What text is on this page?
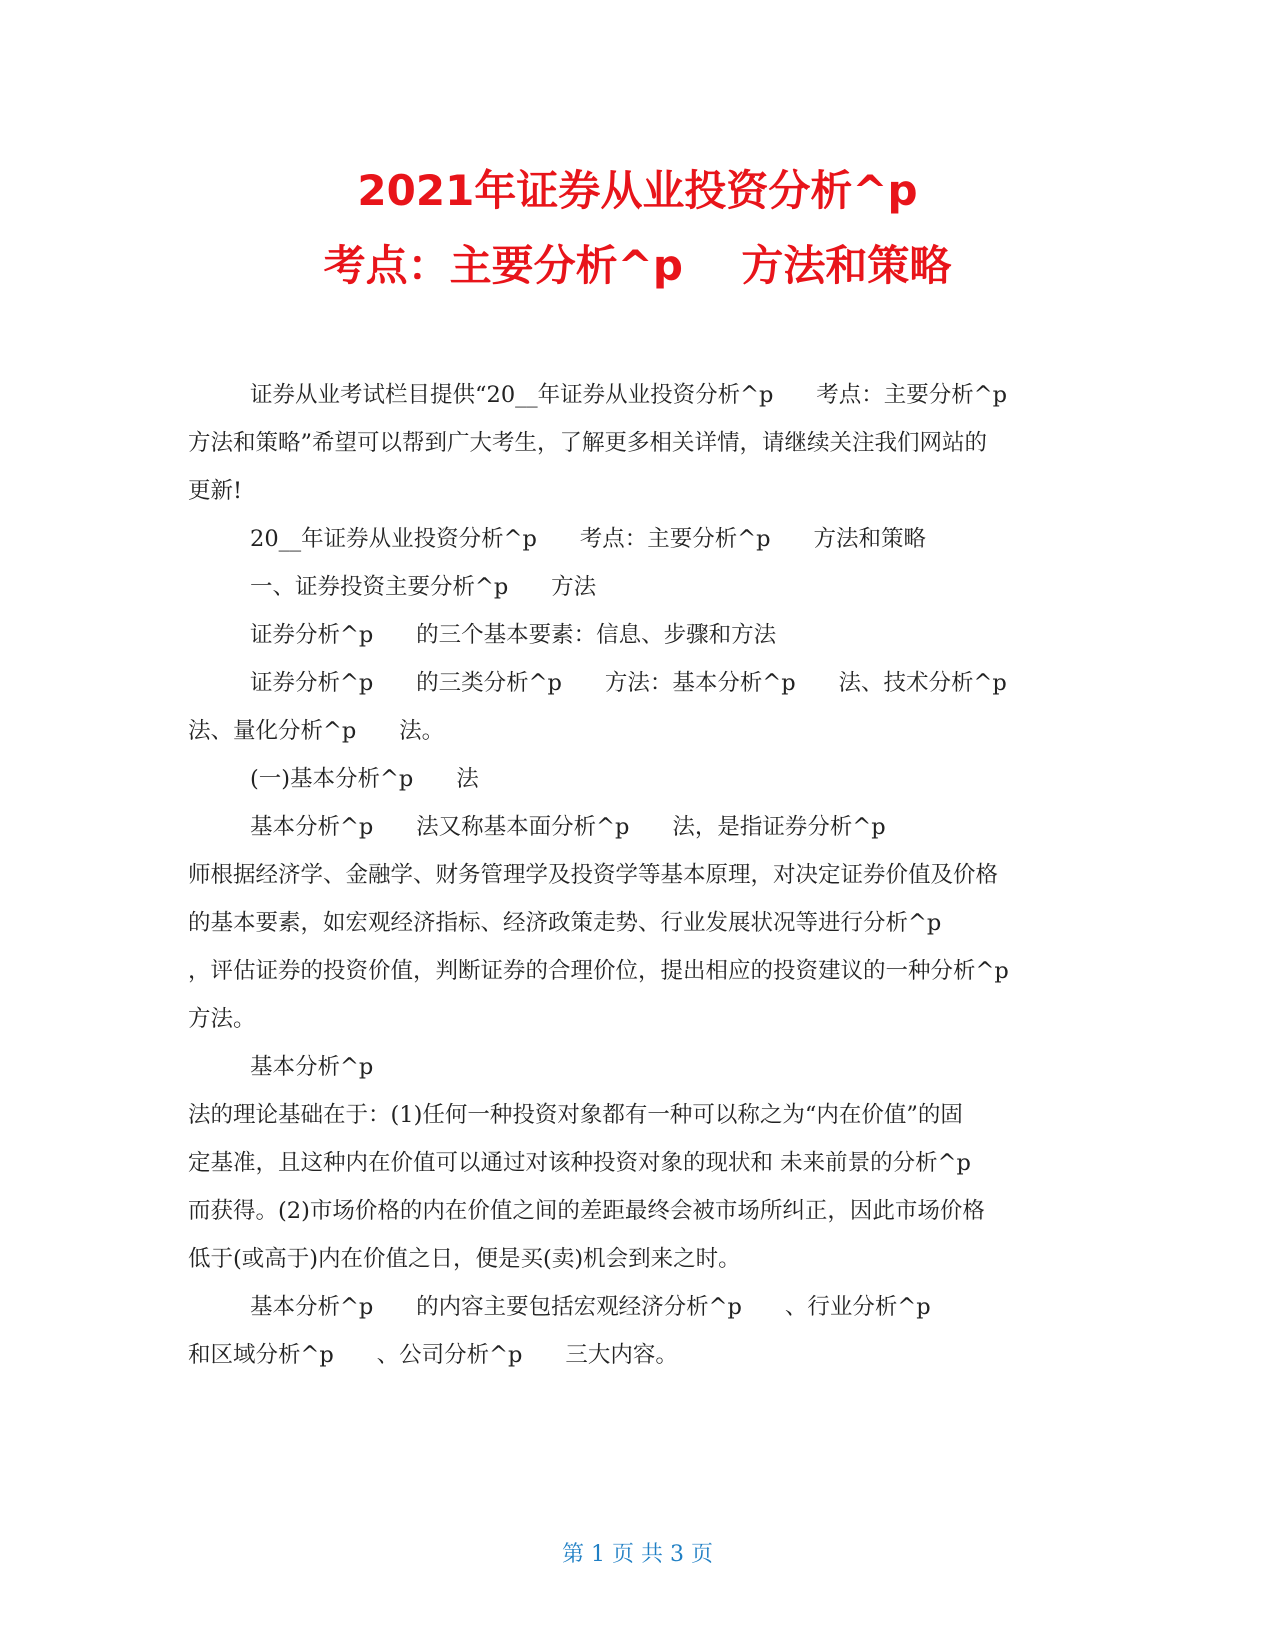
2021年证券从业投资分析^p
考点：主要分析^p    方法和策略
证券从业考试栏目提供“20__年证券从业投资分析^p      考点：主要分析^p
方法和策略”希望可以帮到广大考生，了解更多相关详情，请继续关注我们网站的
更新!
20__年证券从业投资分析^p      考点：主要分析^p      方法和策略
一、证券投资主要分析^p      方法
证券分析^p      的三个基本要素：信息、步骤和方法
证券分析^p      的三类分析^p      方法：基本分析^p      法、技术分析^p
法、量化分析^p      法。
(一)基本分析^p      法
基本分析^p      法又称基本面分析^p      法，是指证券分析^p
师根据经济学、金融学、财务管理学及投资学等基本原理，对决定证券价值及价格
的基本要素，如宏观经济指标、经济政策走势、行业发展状况等进行分析^p
，评估证券的投资价值，判断证券的合理价位，提出相应的投资建议的一种分析^p
方法。
基本分析^p
法的理论基础在于：(1)任何一种投资对象都有一种可以称之为“内在价值”的固
定基准，且这种内在价值可以通过对该种投资对象的现状和 未来前景的分析^p
而获得。(2)市场价格的内在价值之间的差距最终会被市场所纠正，因此市场价格
低于(或高于)内在价值之日，便是买(卖)机会到来之时。
基本分析^p      的内容主要包括宏观经济分析^p      、行业分析^p
和区域分析^p      、公司分析^p      三大内容。
第 1 页 共 3 页
